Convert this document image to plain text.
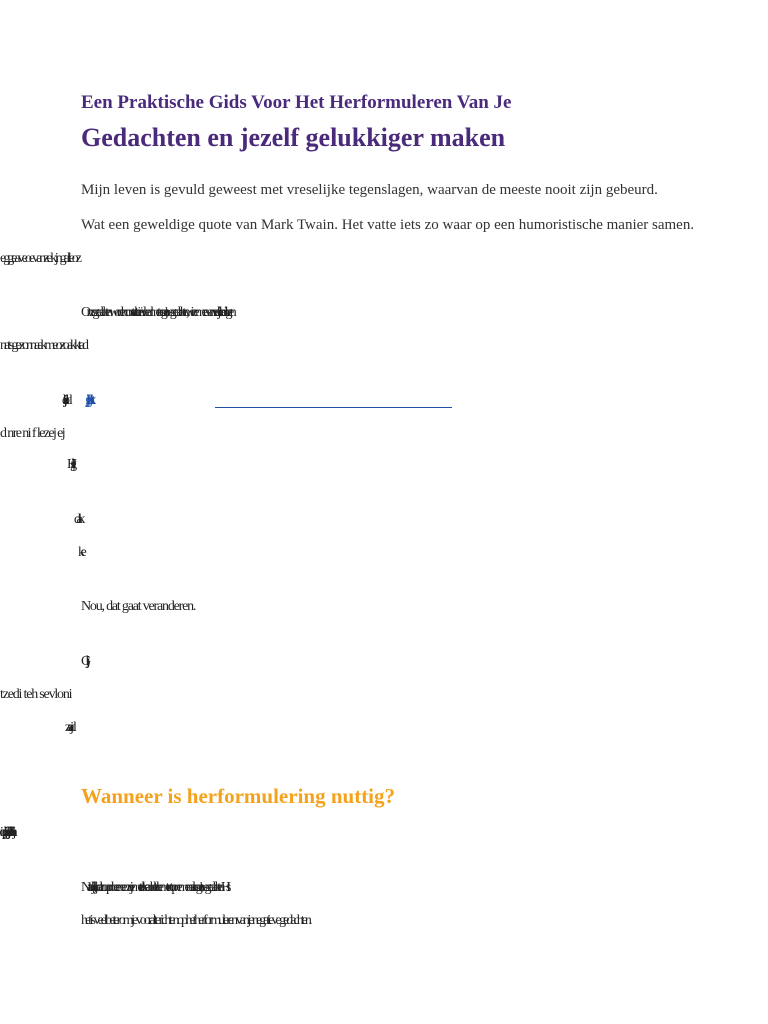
Een Praktische Gids Voor Het Herformuleren Van Je
Gedachten en jezelf gelukkiger maken
Mijn leven is gevuld geweest met vreselijke tegenslagen, waarvan de meeste nooit zijn gebeurd.
Wat een geweldige quote van Mark Twain. Het vatte iets zo waar op een humoristische manier samen.
eggeaveoevanze k jngalleoz
Onzegedachtenwordenconstantbeïnvloedmetnegatievegedachten,wiezemeevanvreselijkedingen
nat s gezonnaakmeozoakktad
dijrjrbd jljgbllstkt
d nre ni f lezej ej
Hijlig
dak
ke
Nou, dat gaat veranderen.
Gjjl
tzedi teh sevloni
zaajd
Wanneer is herformulering nuttig?
iopitjoijhloljjylehjlih
Natuurlijk,alsjedatzouprobereneenzojemeteelkeanhetbloemtentopnemenaalnegatievegedachtenHis
het is veel beter om je vooral te richten op het herformuleren van je negatieve gedachten.
